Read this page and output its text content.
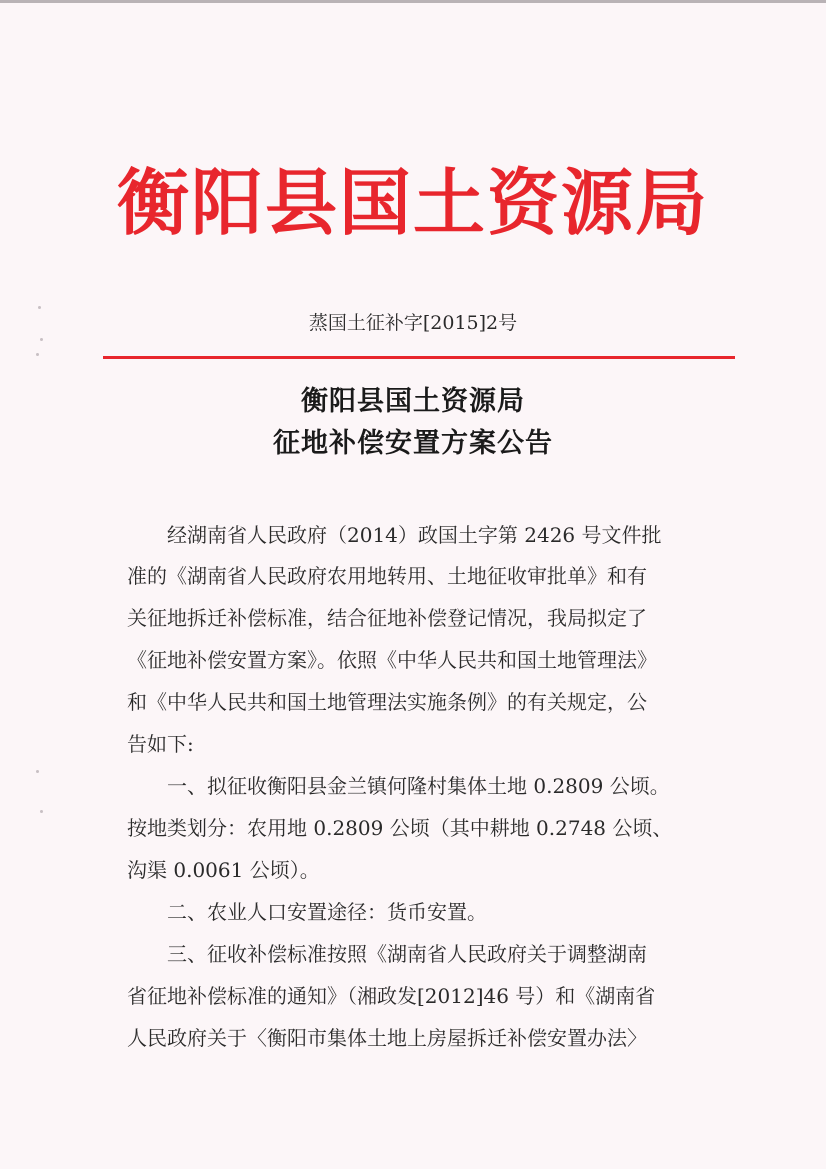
衡阳县国土资源局
蒸国土征补字[2015]2号
衡阳县国土资源局
征地补偿安置方案公告
　　经湖南省人民政府（2014）政国土字第 2426 号文件批
准的《湖南省人民政府农用地转用、土地征收审批单》和有
关征地拆迁补偿标准，结合征地补偿登记情况，我局拟定了
《征地补偿安置方案》。依照《中华人民共和国土地管理法》
和《中华人民共和国土地管理法实施条例》的有关规定，公
告如下:
　　一、拟征收衡阳县金兰镇何隆村集体土地 0.2809 公顷。
按地类划分：农用地 0.2809 公顷（其中耕地 0.2748 公顷、
沟渠 0.0061 公顷）。
　　二、农业人口安置途径：货币安置。
　　三、征收补偿标准按照《湖南省人民政府关于调整湖南
省征地补偿标准的通知》（湘政发[2012]46 号）和《湖南省
人民政府关于〈衡阳市集体土地上房屋拆迁补偿安置办法〉
